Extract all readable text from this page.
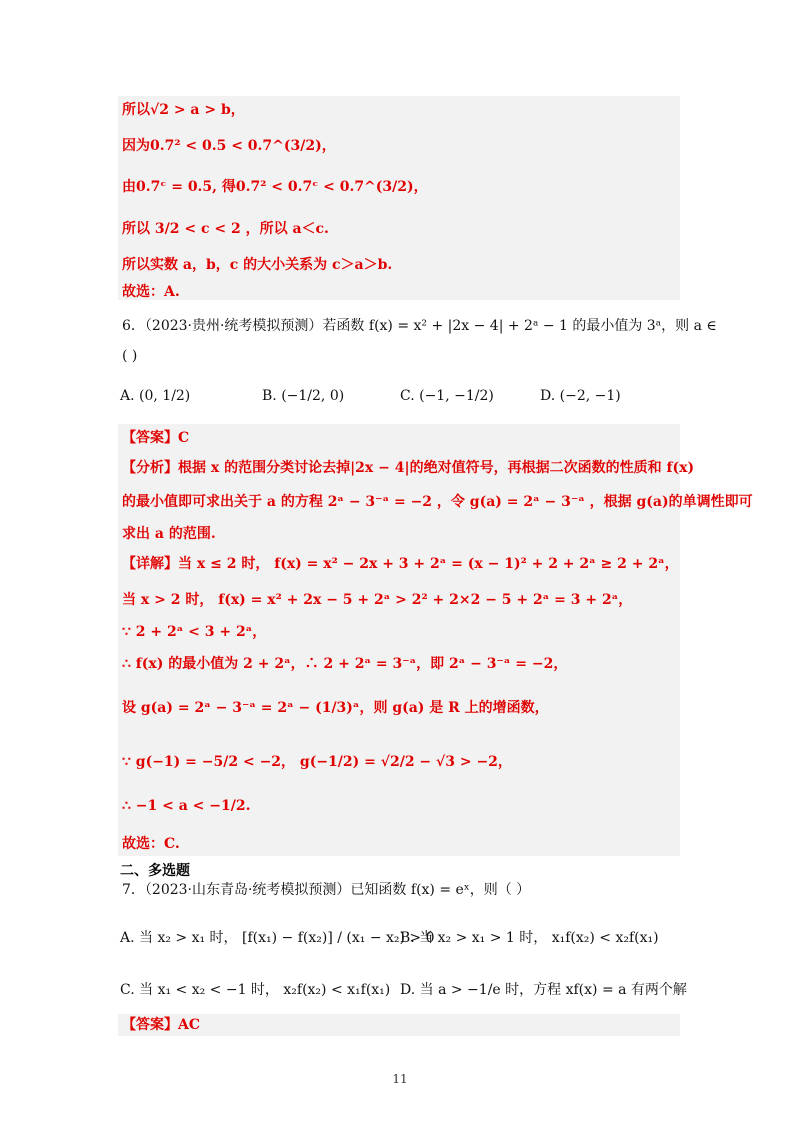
所以√2 > a > b，
因为0.7² < 0.5 < 0.7^(3/2)，
由0.7ᶜ = 0.5, 得0.7² < 0.7ᶜ < 0.7^(3/2)，
所以 3/2 < c < 2 ，所以 a＜c.
所以实数 a，b，c 的大小关系为 c＞a＞b.
故选：A.
6．（2023·贵州·统考模拟预测）若函数 f(x) = x² + |2x − 4| + 2ᵃ − 1 的最小值为 3ᵃ，则 a ∈
( )
A. (0, 1/2)	B. (−1/2, 0)	C. (−1, −1/2)	D. (−2, −1)
【答案】C
【分析】根据 x 的范围分类讨论去掉|2x − 4|的绝对值符号，再根据二次函数的性质和 f(x)
的最小值即可求出关于 a 的方程 2ᵃ − 3⁻ᵃ = −2 ，令 g(a) = 2ᵃ − 3⁻ᵃ ，根据 g(a)的单调性即可
求出 a 的范围.
【详解】当 x ≤ 2 时， f(x) = x² − 2x + 3 + 2ᵃ = (x − 1)² + 2 + 2ᵃ ≥ 2 + 2ᵃ，
当 x > 2 时， f(x) = x² + 2x − 5 + 2ᵃ > 2² + 2×2 − 5 + 2ᵃ = 3 + 2ᵃ，
∵ 2 + 2ᵃ < 3 + 2ᵃ，
∴ f(x) 的最小值为 2 + 2ᵃ，∴ 2 + 2ᵃ = 3⁻ᵃ，即 2ᵃ − 3⁻ᵃ = −2，
设 g(a) = 2ᵃ − 3⁻ᵃ = 2ᵃ − (1/3)ᵃ，则 g(a) 是 R 上的增函数，
∵ g(−1) = −5/2 < −2， g(−1/2) = √2/2 − √3 > −2，
∴ −1 < a < −1/2.
故选：C.
二、多选题
7．（2023·山东青岛·统考模拟预测）已知函数 f(x) = eˣ，则（ ）
A. 当 x₂ > x₁ 时， [f(x₁) − f(x₂)] / (x₁ − x₂) > 0
B. 当 x₂ > x₁ > 1 时， x₁f(x₂) < x₂f(x₁)
C. 当 x₁ < x₂ < −1 时， x₂f(x₂) < x₁f(x₁) D. 当 a > −1/e 时，方程 xf(x) = a 有两个解
【答案】AC
11
